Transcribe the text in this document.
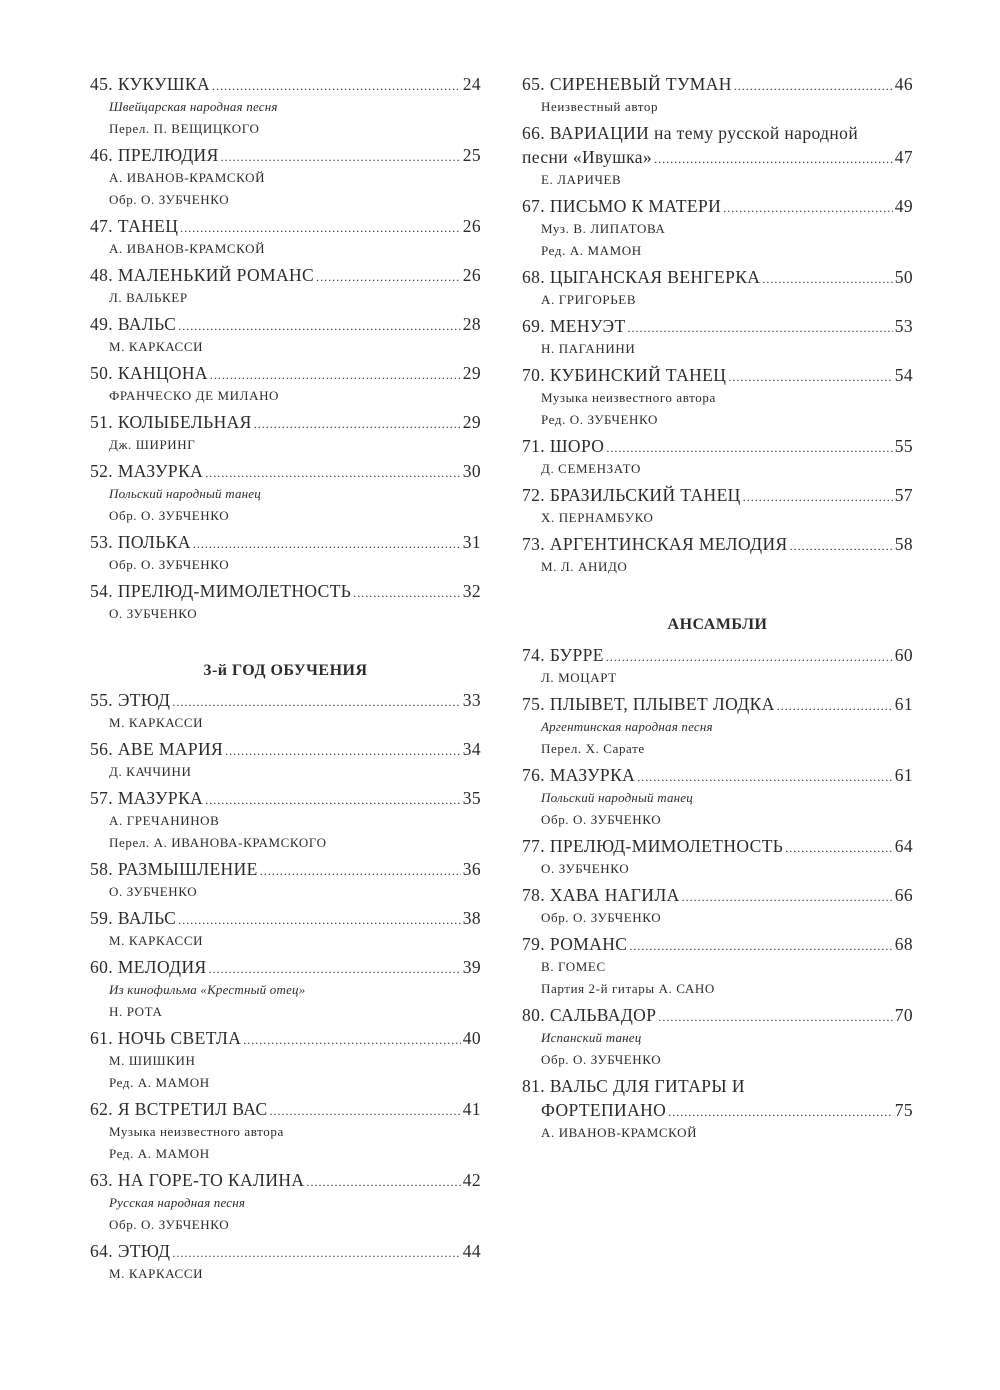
45. КУКУШКА .....	24
Швейцарская народная песня
Перел. П. ВЕЩИЦКОГО
46. ПРЕЛЮДИЯ .....	25
А. ИВАНОВ-КРАМСКОЙ
Обр. О. ЗУБЧЕНКО
47. ТАНЕЦ .....	26
А. ИВАНОВ-КРАМСКОЙ
48. МАЛЕНЬКИЙ РОМАНС .....	26
Л. ВАЛЬКЕР
49. ВАЛЬС .....	28
М. КАРКАССИ
50. КАНЦОНА .....	29
ФРАНЧЕСКО ДЕ МИЛАНО
51. КОЛЫБЕЛЬНАЯ .....	29
Дж. ШИРИНГ
52. МАЗУРКА .....	30
Польский народный танец
Обр. О. ЗУБЧЕНКО
53. ПОЛЬКА .....	31
Обр. О. ЗУБЧЕНКО
54. ПРЕЛЮД-МИМОЛЕТНОСТЬ .....	32
О. ЗУБЧЕНКО
3-й ГОД ОБУЧЕНИЯ
55. ЭТЮД .....	33
М. КАРКАССИ
56. АВЕ МАРИЯ .....	34
Д. КАЧЧИНИ
57. МАЗУРКА .....	35
А. ГРЕЧАНИНОВ
Перел. А. ИВАНОВА-КРАМСКОГО
58. РАЗМЫШЛЕНИЕ .....	36
О. ЗУБЧЕНКО
59. ВАЛЬС .....	38
М. КАРКАССИ
60. МЕЛОДИЯ .....	39
Из кинофильма «Крестный отец»
Н. РОТА
61. НОЧЬ СВЕТЛА .....	40
М. ШИШКИН
Ред. А. МАМОН
62. Я ВСТРЕТИЛ ВАС .....	41
Музыка неизвестного автора
Ред. А. МАМОН
63. НА ГОРЕ-ТО КАЛИНА .....	42
Русская народная песня
Обр. О. ЗУБЧЕНКО
64. ЭТЮД .....	44
М. КАРКАССИ
65. СИРЕНЕВЫЙ ТУМАН .....	46
Неизвестный автор
66. ВАРИАЦИИ на тему русской народной
песни «Ивушка» .....	47
Е. ЛАРИЧЕВ
67. ПИСЬМО К МАТЕРИ .....	49
Муз. В. ЛИПАТОВА
Ред. А. МАМОН
68. ЦЫГАНСКАЯ ВЕНГЕРКА .....	50
А. ГРИГОРЬЕВ
69. МЕНУЭТ .....	53
Н. ПАГАНИНИ
70. КУБИНСКИЙ ТАНЕЦ .....	54
Музыка неизвестного автора
Ред. О. ЗУБЧЕНКО
71. ШОРО .....	55
Д. СЕМЕНЗАТО
72. БРАЗИЛЬСКИЙ ТАНЕЦ .....	57
Х. ПЕРНАМБУКО
73. АРГЕНТИНСКАЯ МЕЛОДИЯ .....	58
М. Л. АНИДО
АНСАМБЛИ
74. БУРРЕ .....	60
Л. МОЦАРТ
75. ПЛЫВЕТ, ПЛЫВЕТ ЛОДКА .....	61
Аргентинская народная песня
Перел. Х. Сарате
76. МАЗУРКА .....	61
Польский народный танец
Обр. О. ЗУБЧЕНКО
77. ПРЕЛЮД-МИМОЛЕТНОСТЬ .....	64
О. ЗУБЧЕНКО
78. ХАВА НАГИЛА .....	66
Обр. О. ЗУБЧЕНКО
79. РОМАНС .....	68
В. ГОМЕС
Партия 2-й гитары А. САНО
80. САЛЬВАДОР .....	70
Испанский танец
Обр. О. ЗУБЧЕНКО
81. ВАЛЬС ДЛЯ ГИТАРЫ И
ФОРТЕПИАНО .....	75
А. ИВАНОВ-КРАМСКОЙ
